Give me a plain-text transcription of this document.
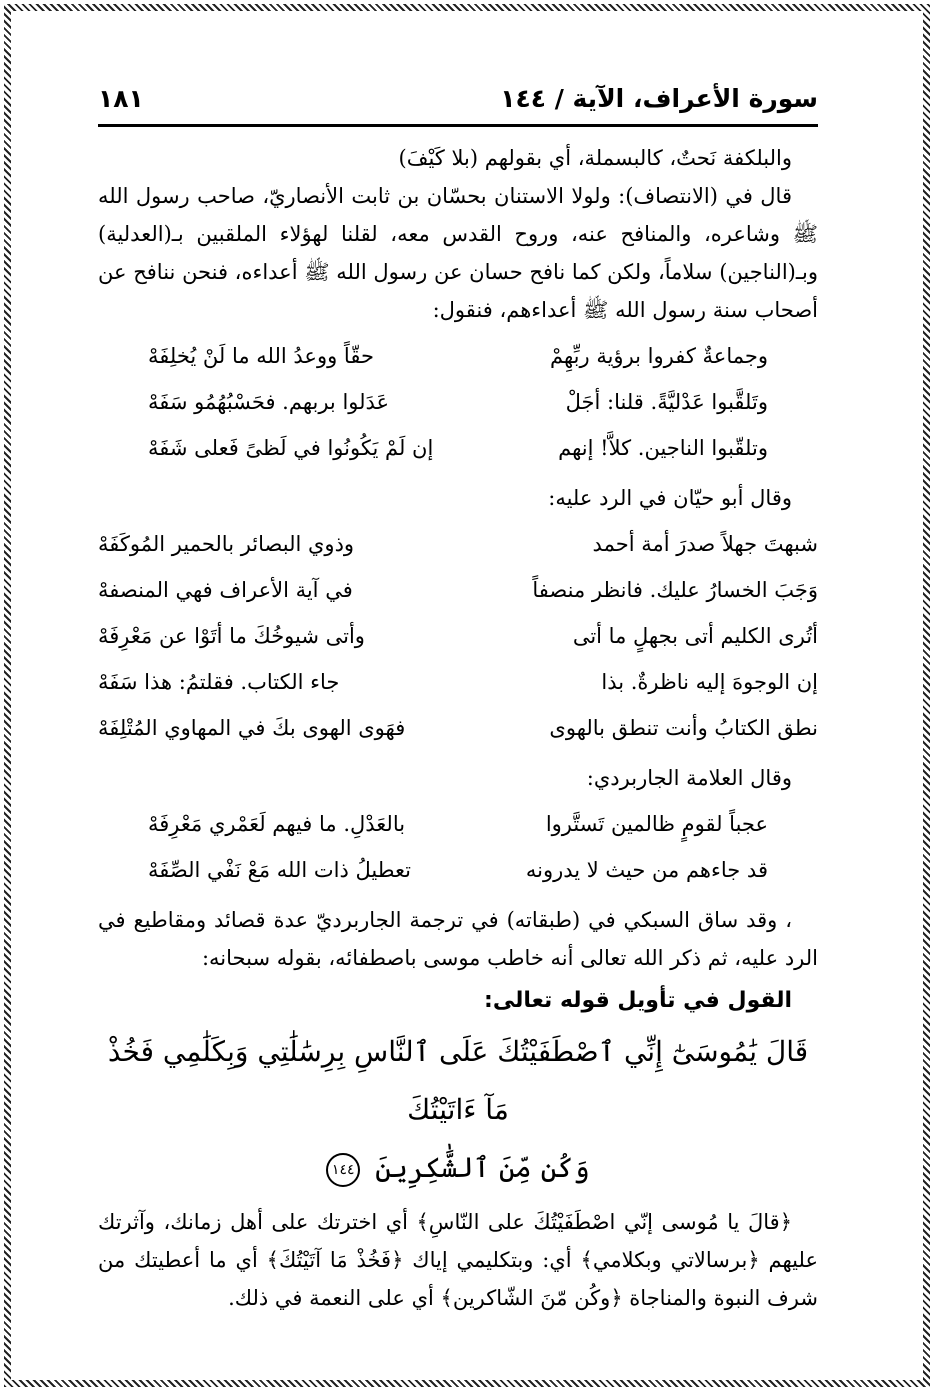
سورة الأعراف، الآية / ١٤٤
١٨١

والبلكفة نَحتٌ، كالبسملة، أي بقولهم (بلا كَيْفَ)

قال في (الانتصاف): ولولا الاستنان بحسّان بن ثابت الأنصاريّ، صاحب رسول الله ﷺ وشاعره، والمنافح عنه، وروح القدس معه، لقلنا لهؤلاء الملقبين بـ(العدلية) وبـ(الناجين) سلاماً، ولكن كما نافح حسان عن رسول الله ﷺ أعداءه، فنحن ننافح عن أصحاب سنة رسول الله ﷺ أعداءهم، فنقول:

وجماعةٌ كفروا برؤية ربِّهِمْ
حقّاً ووعدُ الله ما لَنْ يُخلِفَهْ
وتَلقَّبوا عَدْليَّةً. قلنا: أجَلْ
عَدَلوا بربهم. فحَسْبُهُمُو سَفَهْ
وتلقّبوا الناجين. كلاَّ! إنهم
إن لَمْ يَكُونُوا في لَظىً فَعلى شَفَهْ

وقال أبو حيّان في الرد عليه:

شبهتَ جهلاً صدرَ أمة أحمد
وذوي البصائر بالحمير المُوكَفَهْ
وَجَبَ الخسارُ عليك. فانظر منصفاً
في آية الأعراف فهي المنصفهْ
أتُرى الكليم أتى بجهلٍ ما أتى
وأتى شيوخُكَ ما أتَوْا عن مَعْرِفَهْ
إن الوجوهَ إليه ناظرةٌ. بذا
جاء الكتاب. فقلتمُ: هذا سَفَهْ
نطق الكتابُ وأنت تنطق بالهوى
فهَوى الهوى بكَ في المهاوي المُتْلِفَهْ

وقال العلامة الجاربردي:

عجباً لقومٍ ظالمين تَستَّروا
بالعَدْلِ. ما فيهم لَعَمْري مَعْرِفَهْ
قد جاءهم من حيث لا يدرونه
تعطيلُ ذات الله مَعْ نَفْي الصِّفَهْ

، وقد ساق السبكي في (طبقاته) في ترجمة الجاربرديّ عدة قصائد ومقاطيع في الرد عليه، ثم ذكر الله تعالى أنه خاطب موسى باصطفائه، بقوله سبحانه:

القول في تأويل قوله تعالى:
قَالَ يَٰمُوسَىٰٓ إِنِّي ٱصْطَفَيْتُكَ عَلَى ٱلنَّاسِ بِرِسَٰلَٰتِي وَبِكَلَٰمِي فَخُذْ مَآ ءَاتَيْتُكَ
وَكُن مِّنَ ٱلشَّٰكِرِينَ ١٤٤

﴿قالَ يا مُوسى إنّي اصْطَفَيْتُكَ على النّاسِ﴾ أي اخترتك على أهل زمانك، وآثرتك عليهم ﴿برسالاتي وبكلامي﴾ أي: وبتكليمي إياك ﴿فَخُذْ مَا آتَيْتُكَ﴾ أي ما أعطيتك من شرف النبوة والمناجاة ﴿وكُن مّنَ الشّاكرين﴾ أي على النعمة في ذلك.
